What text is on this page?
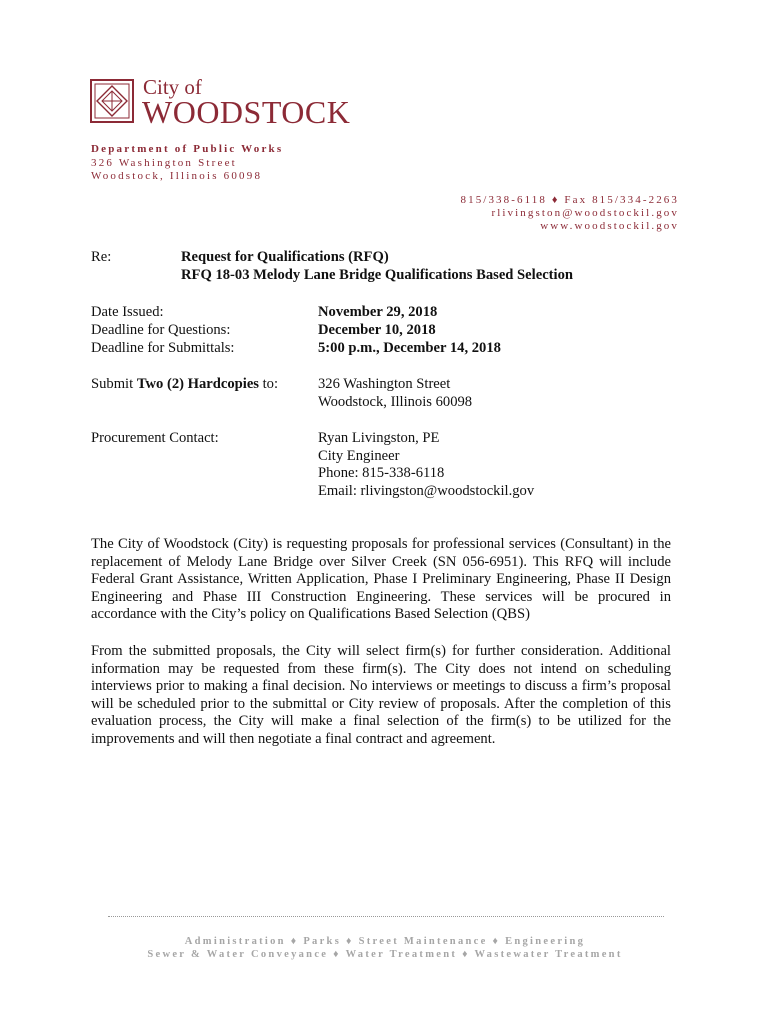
City of
WOODSTOCK
Department of Public Works
326 Washington Street
Woodstock, Illinois 60098
815/338-6118 ♦ Fax 815/334-2263
rlivingston@woodstockil.gov
www.woodstockil.gov
Re:	Request for Qualifications (RFQ)
RFQ 18-03 Melody Lane Bridge Qualifications Based Selection
Date Issued:	November 29, 2018
Deadline for Questions:	December 10, 2018
Deadline for Submittals:	5:00 p.m., December 14, 2018
Submit Two (2) Hardcopies to:	326 Washington Street
Woodstock, Illinois 60098
Procurement Contact:	Ryan Livingston, PE
City Engineer
Phone: 815-338-6118
Email: rlivingston@woodstockil.gov

The City of Woodstock (City) is requesting proposals for professional services (Consultant) in the replacement of Melody Lane Bridge over Silver Creek (SN 056-6951). This RFQ will include Federal Grant Assistance, Written Application, Phase I Preliminary Engineering, Phase II Design Engineering and Phase III Construction Engineering. These services will be procured in accordance with the City’s policy on Qualifications Based Selection (QBS)

From the submitted proposals, the City will select firm(s) for further consideration. Additional information may be requested from these firm(s). The City does not intend on scheduling interviews prior to making a final decision. No interviews or meetings to discuss a firm’s proposal will be scheduled prior to the submittal or City review of proposals. After the completion of this evaluation process, the City will make a final selection of the firm(s) to be utilized for the improvements and will then negotiate a final contract and agreement.

Administration ♦ Parks ♦ Street Maintenance ♦ Engineering
Sewer & Water Conveyance ♦ Water Treatment ♦ Wastewater Treatment
